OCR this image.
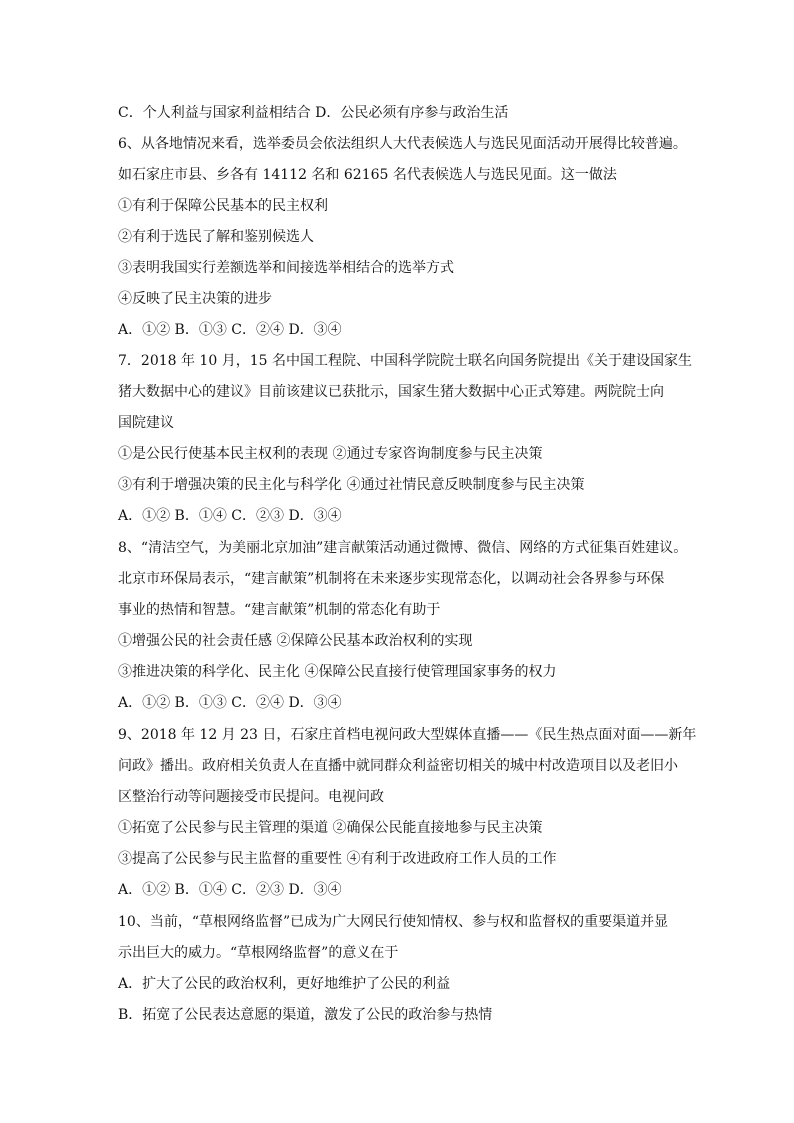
C．个人利益与国家利益相结合 D．公民必须有序参与政治生活
6、从各地情况来看，选举委员会依法组织人大代表候选人与选民见面活动开展得比较普遍。
如石家庄市县、乡各有 14112 名和 62165 名代表候选人与选民见面。这一做法
①有利于保障公民基本的民主权利
②有利于选民了解和鉴别候选人
③表明我国实行差额选举和间接选举相结合的选举方式
④反映了民主决策的进步
A．①② B．①③ C．②④ D．③④
7．2018 年 10 月，15 名中国工程院、中国科学院院士联名向国务院提出《关于建设国家生
猪大数据中心的建议》目前该建议已获批示，国家生猪大数据中心正式筹建。两院院士向
国院建议
①是公民行使基本民主权利的表现 ②通过专家咨询制度参与民主决策
③有利于增强决策的民主化与科学化 ④通过社情民意反映制度参与民主决策
A．①② B．①④ C．②③ D．③④
8、“清洁空气，为美丽北京加油”建言献策活动通过微博、微信、网络的方式征集百姓建议。
北京市环保局表示，“建言献策”机制将在未来逐步实现常态化，以调动社会各界参与环保
事业的热情和智慧。“建言献策”机制的常态化有助于
①增强公民的社会责任感 ②保障公民基本政治权利的实现
③推进决策的科学化、民主化 ④保障公民直接行使管理国家事务的权力
A．①② B．①③ C．②④ D．③④
9、2018 年 12 月 23 日，石家庄首档电视问政大型媒体直播——《民生热点面对面——新年
问政》播出。政府相关负责人在直播中就同群众利益密切相关的城中村改造项目以及老旧小
区整治行动等问题接受市民提问。电视问政
①拓宽了公民参与民主管理的渠道 ②确保公民能直接地参与民主决策
③提高了公民参与民主监督的重要性 ④有利于改进政府工作人员的工作
A．①② B．①④ C．②③ D．③④
10、当前，“草根网络监督”已成为广大网民行使知情权、参与权和监督权的重要渠道并显
示出巨大的威力。“草根网络监督”的意义在于
A．扩大了公民的政治权利，更好地维护了公民的利益
B．拓宽了公民表达意愿的渠道，激发了公民的政治参与热情
